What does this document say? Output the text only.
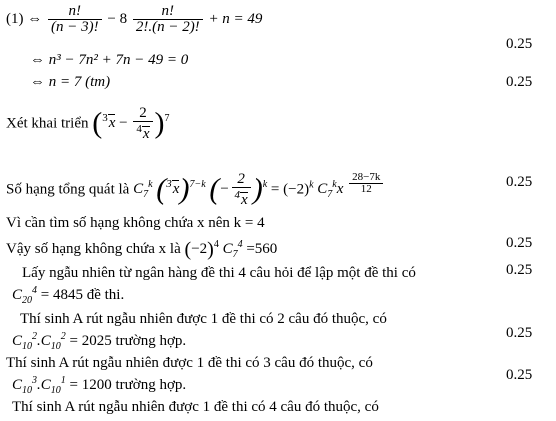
(1) ⇔ $\frac{n!}{(n - 3)!} - 8 \frac{n!}{2!.(n - 2)!} + n = 49$
⇔ n³ − 7n² + 7n − 49 = 0
⇔ n = 7 (tm)
Xét khai triển $(^3x - \frac{2}{^4x} )^7$
Số hạng tổng quát là $C_7^k$ $(^3x)^{7-k}$ (− $\frac{2}{^4x} )^k = (-2)^k$ $C_7^kx \frac{28-7k}{12}$
Vì cần tìm số hạng không chứa x nên k = 4
Vậy số hạng không chứa x là $(-2)^4$ $C_7^4 =560$
Lấy ngẫu nhiên từ ngân hàng đề thi 4 câu hỏi để lập một đề thi có
$C_{20}^4 = 4845$ đề thi.
Thí sinh A rút ngẫu nhiên được 1 đề thi có 2 câu đó thuộc, có
$C_{10}^2.C_{10}^2 = 2025$ trường hợp.
Thí sinh A rút ngẫu nhiên được 1 đề thi có 3 câu đó thuộc, có
$C_{10}^3.C_{10}^1 = 1200$ trường hợp.
Thí sinh A rút ngẫu nhiên được 1 đề thi có 4 câu đó thuộc, có
0.25
0.25
0.25
0.25
0.25
0.25
0.25
